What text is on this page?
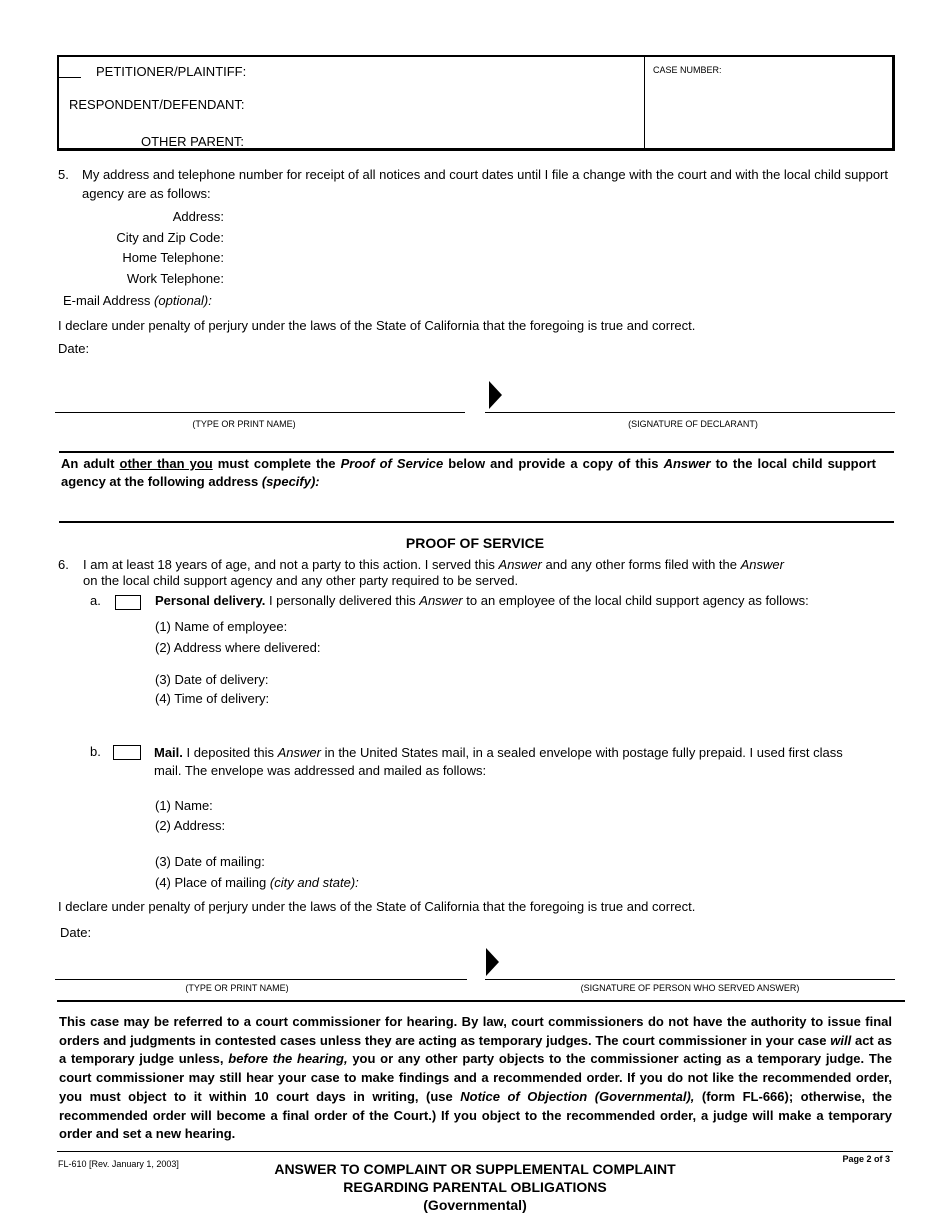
PETITIONER/PLAINTIFF:
RESPONDENT/DEFENDANT:
OTHER PARENT:
CASE NUMBER:
5. My address and telephone number for receipt of all notices and court dates until I file a change with the court and with the local child support agency are as follows:
Address:
City and Zip Code:
Home Telephone:
Work Telephone:
E-mail Address (optional):
I declare under penalty of perjury under the laws of the State of California that the foregoing is true and correct.
Date:
(TYPE OR PRINT NAME)	(SIGNATURE OF DECLARANT)
An adult other than you must complete the Proof of Service below and provide a copy of this Answer to the local child support agency at the following address (specify):
PROOF OF SERVICE
6. I am at least 18 years of age, and not a party to this action. I served this Answer and any other forms filed with the Answer
on the local child support agency and any other party required to be served.
a.	Personal delivery. I personally delivered this Answer to an employee of the local child support agency as follows:
(1) Name of employee:
(2) Address where delivered:
(3) Date of delivery:
(4) Time of delivery:
b.	Mail. I deposited this Answer in the United States mail, in a sealed envelope with postage fully prepaid. I used first class
mail. The envelope was addressed and mailed as follows:
(1) Name:
(2) Address:
(3) Date of mailing:
(4) Place of mailing (city and state):
I declare under penalty of perjury under the laws of the State of California that the foregoing is true and correct.
Date:
(TYPE OR PRINT NAME)	(SIGNATURE OF PERSON WHO SERVED ANSWER)
This case may be referred to a court commissioner for hearing. By law, court commissioners do not have the authority to issue final orders and judgments in contested cases unless they are acting as temporary judges. The court commissioner in your case will act as a temporary judge unless, before the hearing, you or any other party objects to the commissioner acting as a temporary judge. The court commissioner may still hear your case to make findings and a recommended order. If you do not like the recommended order, you must object to it within 10 court days in writing, (use Notice of Objection (Governmental), (form FL-666); otherwise, the recommended order will become a final order of the Court.) If you object to the recommended order, a judge will make a temporary order and set a new hearing.
FL-610 [Rev. January 1, 2003]	ANSWER TO COMPLAINT OR SUPPLEMENTAL COMPLAINT
REGARDING PARENTAL OBLIGATIONS
(Governmental)
Page 2 of 3
